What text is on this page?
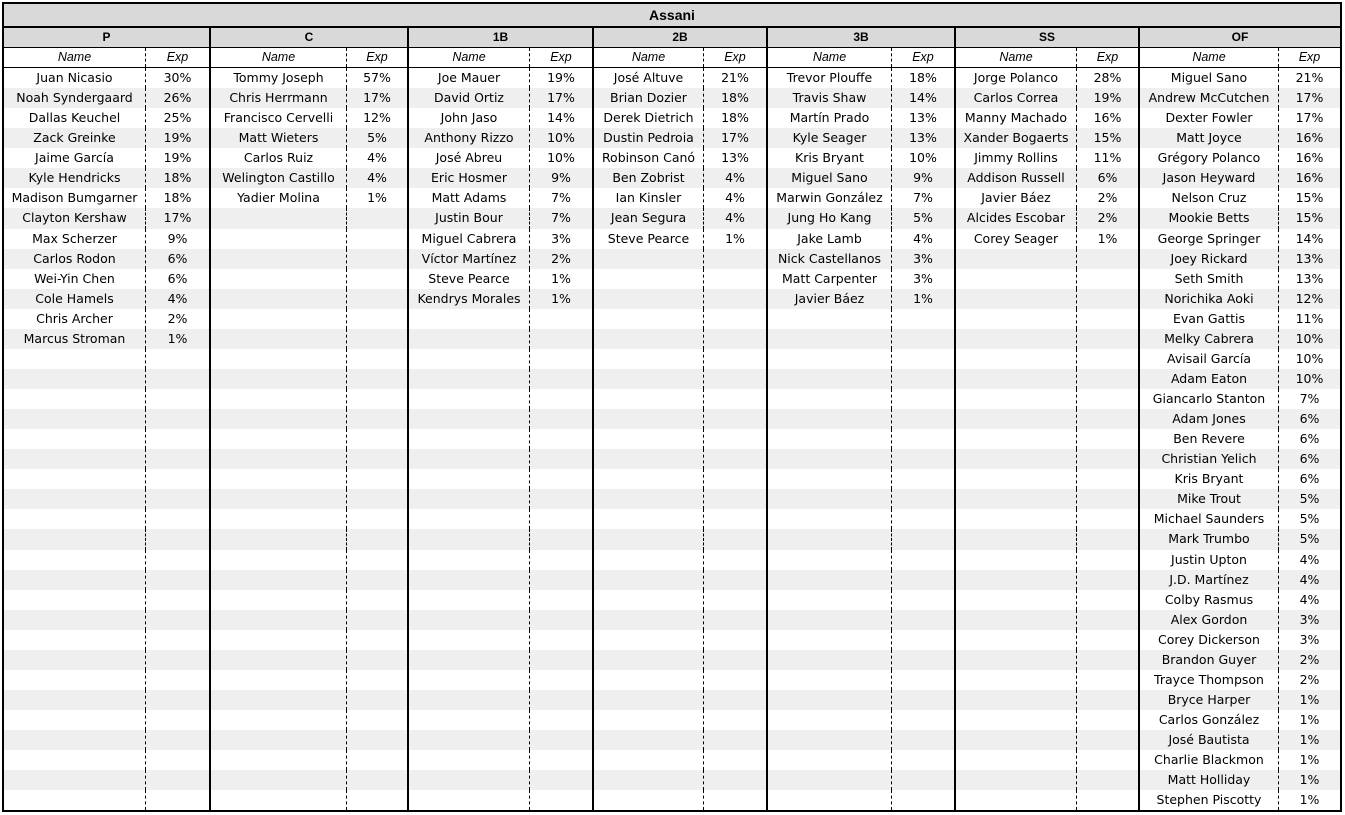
Assani
P
Name	Exp
Juan Nicasio	30%
Noah Syndergaard	26%
Dallas Keuchel	25%
Zack Greinke	19%
Jaime García	19%
Kyle Hendricks	18%
Madison Bumgarner	18%
Clayton Kershaw	17%
Max Scherzer	9%
Carlos Rodon	6%
Wei-Yin Chen	6%
Cole Hamels	4%
Chris Archer	2%
Marcus Stroman	1%
C
Name	Exp
Tommy Joseph	57%
Chris Herrmann	17%
Francisco Cervelli	12%
Matt Wieters	5%
Carlos Ruiz	4%
Welington Castillo	4%
Yadier Molina	1%
1B
Name	Exp
Joe Mauer	19%
David Ortiz	17%
John Jaso	14%
Anthony Rizzo	10%
José Abreu	10%
Eric Hosmer	9%
Matt Adams	7%
Justin Bour	7%
Miguel Cabrera	3%
Víctor Martínez	2%
Steve Pearce	1%
Kendrys Morales	1%
2B
Name	Exp
José Altuve	21%
Brian Dozier	18%
Derek Dietrich	18%
Dustin Pedroia	17%
Robinson Canó	13%
Ben Zobrist	4%
Ian Kinsler	4%
Jean Segura	4%
Steve Pearce	1%
3B
Name	Exp
Trevor Plouffe	18%
Travis Shaw	14%
Martín Prado	13%
Kyle Seager	13%
Kris Bryant	10%
Miguel Sano	9%
Marwin González	7%
Jung Ho Kang	5%
Jake Lamb	4%
Nick Castellanos	3%
Matt Carpenter	3%
Javier Báez	1%
SS
Name	Exp
Jorge Polanco	28%
Carlos Correa	19%
Manny Machado	16%
Xander Bogaerts	15%
Jimmy Rollins	11%
Addison Russell	6%
Javier Báez	2%
Alcides Escobar	2%
Corey Seager	1%
OF
Name	Exp
Miguel Sano	21%
Andrew McCutchen	17%
Dexter Fowler	17%
Matt Joyce	16%
Grégory Polanco	16%
Jason Heyward	16%
Nelson Cruz	15%
Mookie Betts	15%
George Springer	14%
Joey Rickard	13%
Seth Smith	13%
Norichika Aoki	12%
Evan Gattis	11%
Melky Cabrera	10%
Avisail García	10%
Adam Eaton	10%
Giancarlo Stanton	7%
Adam Jones	6%
Ben Revere	6%
Christian Yelich	6%
Kris Bryant	6%
Mike Trout	5%
Michael Saunders	5%
Mark Trumbo	5%
Justin Upton	4%
J.D. Martínez	4%
Colby Rasmus	4%
Alex Gordon	3%
Corey Dickerson	3%
Brandon Guyer	2%
Trayce Thompson	2%
Bryce Harper	1%
Carlos González	1%
José Bautista	1%
Charlie Blackmon	1%
Matt Holliday	1%
Stephen Piscotty	1%
